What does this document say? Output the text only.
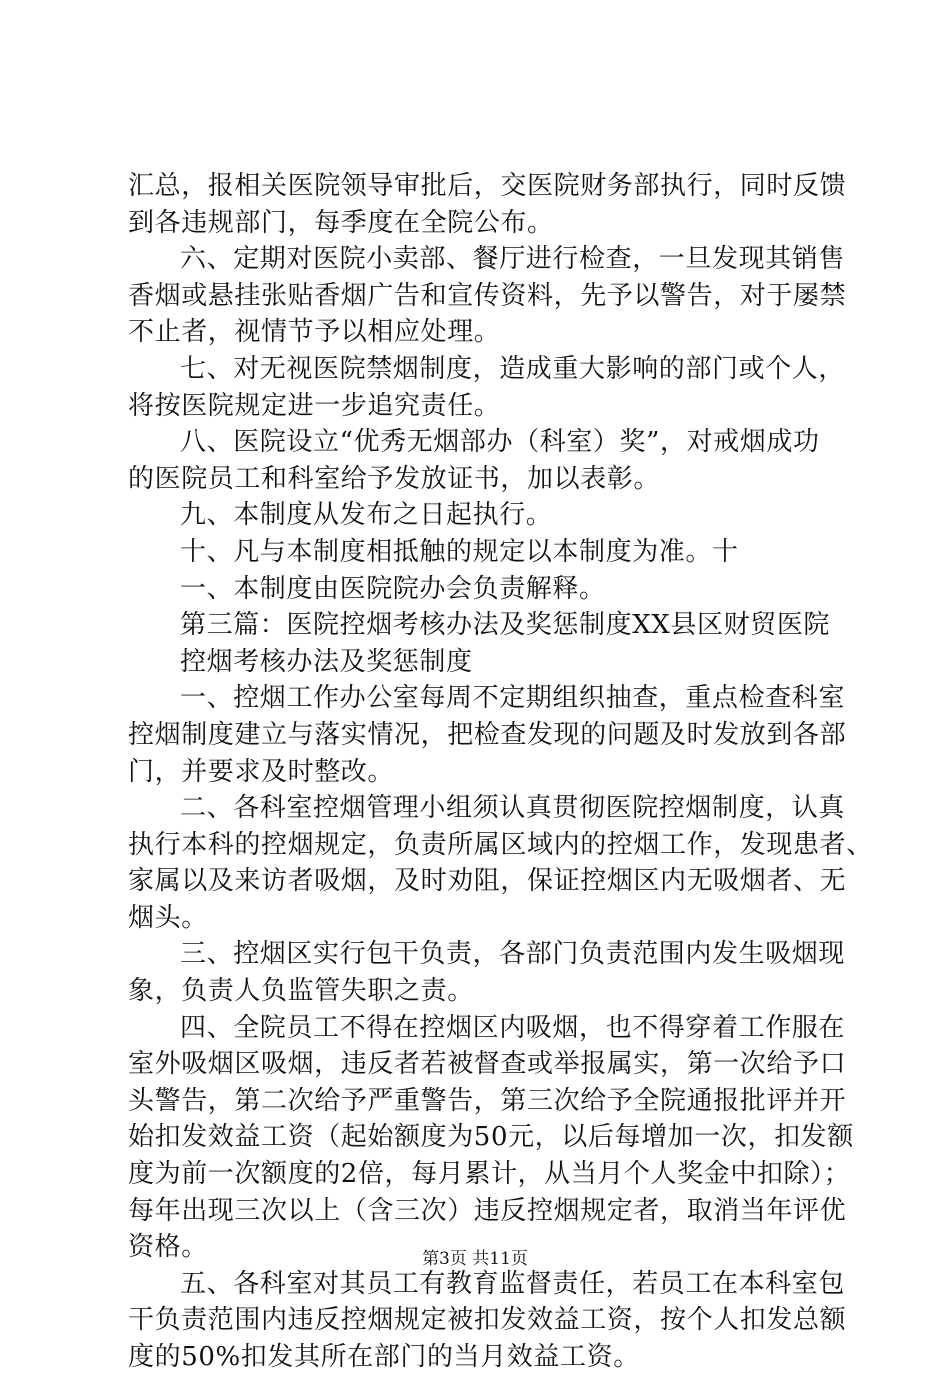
汇总，报相关医院领导审批后，交医院财务部执行，同时反馈
到各违规部门，每季度在全院公布。
六、定期对医院小卖部、餐厅进行检查，一旦发现其销售
香烟或悬挂张贴香烟广告和宣传资料，先予以警告，对于屡禁
不止者，视情节予以相应处理。
七、对无视医院禁烟制度，造成重大影响的部门或个人，
将按医院规定进一步追究责任。
八、医院设立“优秀无烟部办（科室）奖”，对戒烟成功
的医院员工和科室给予发放证书，加以表彰。
九、本制度从发布之日起执行。
十、凡与本制度相抵触的规定以本制度为准。十
一、本制度由医院院办会负责解释。
第三篇：医院控烟考核办法及奖惩制度XX县区财贸医院
控烟考核办法及奖惩制度
一、控烟工作办公室每周不定期组织抽查，重点检查科室
控烟制度建立与落实情况，把检查发现的问题及时发放到各部
门，并要求及时整改。
二、各科室控烟管理小组须认真贯彻医院控烟制度，认真
执行本科的控烟规定，负责所属区域内的控烟工作，发现患者、
家属以及来访者吸烟，及时劝阻，保证控烟区内无吸烟者、无
烟头。
三、控烟区实行包干负责，各部门负责范围内发生吸烟现
象，负责人负监管失职之责。
四、全院员工不得在控烟区内吸烟，也不得穿着工作服在
室外吸烟区吸烟，违反者若被督查或举报属实，第一次给予口
头警告，第二次给予严重警告，第三次给予全院通报批评并开
始扣发效益工资（起始额度为50元，以后每增加一次，扣发额
度为前一次额度的2倍，每月累计，从当月个人奖金中扣除）；
每年出现三次以上（含三次）违反控烟规定者，取消当年评优
资格。
五、各科室对其员工有教育监督责任，若员工在本科室包
干负责范围内违反控烟规定被扣发效益工资，按个人扣发总额
度的50%扣发其所在部门的当月效益工资。
第3页 共11页
